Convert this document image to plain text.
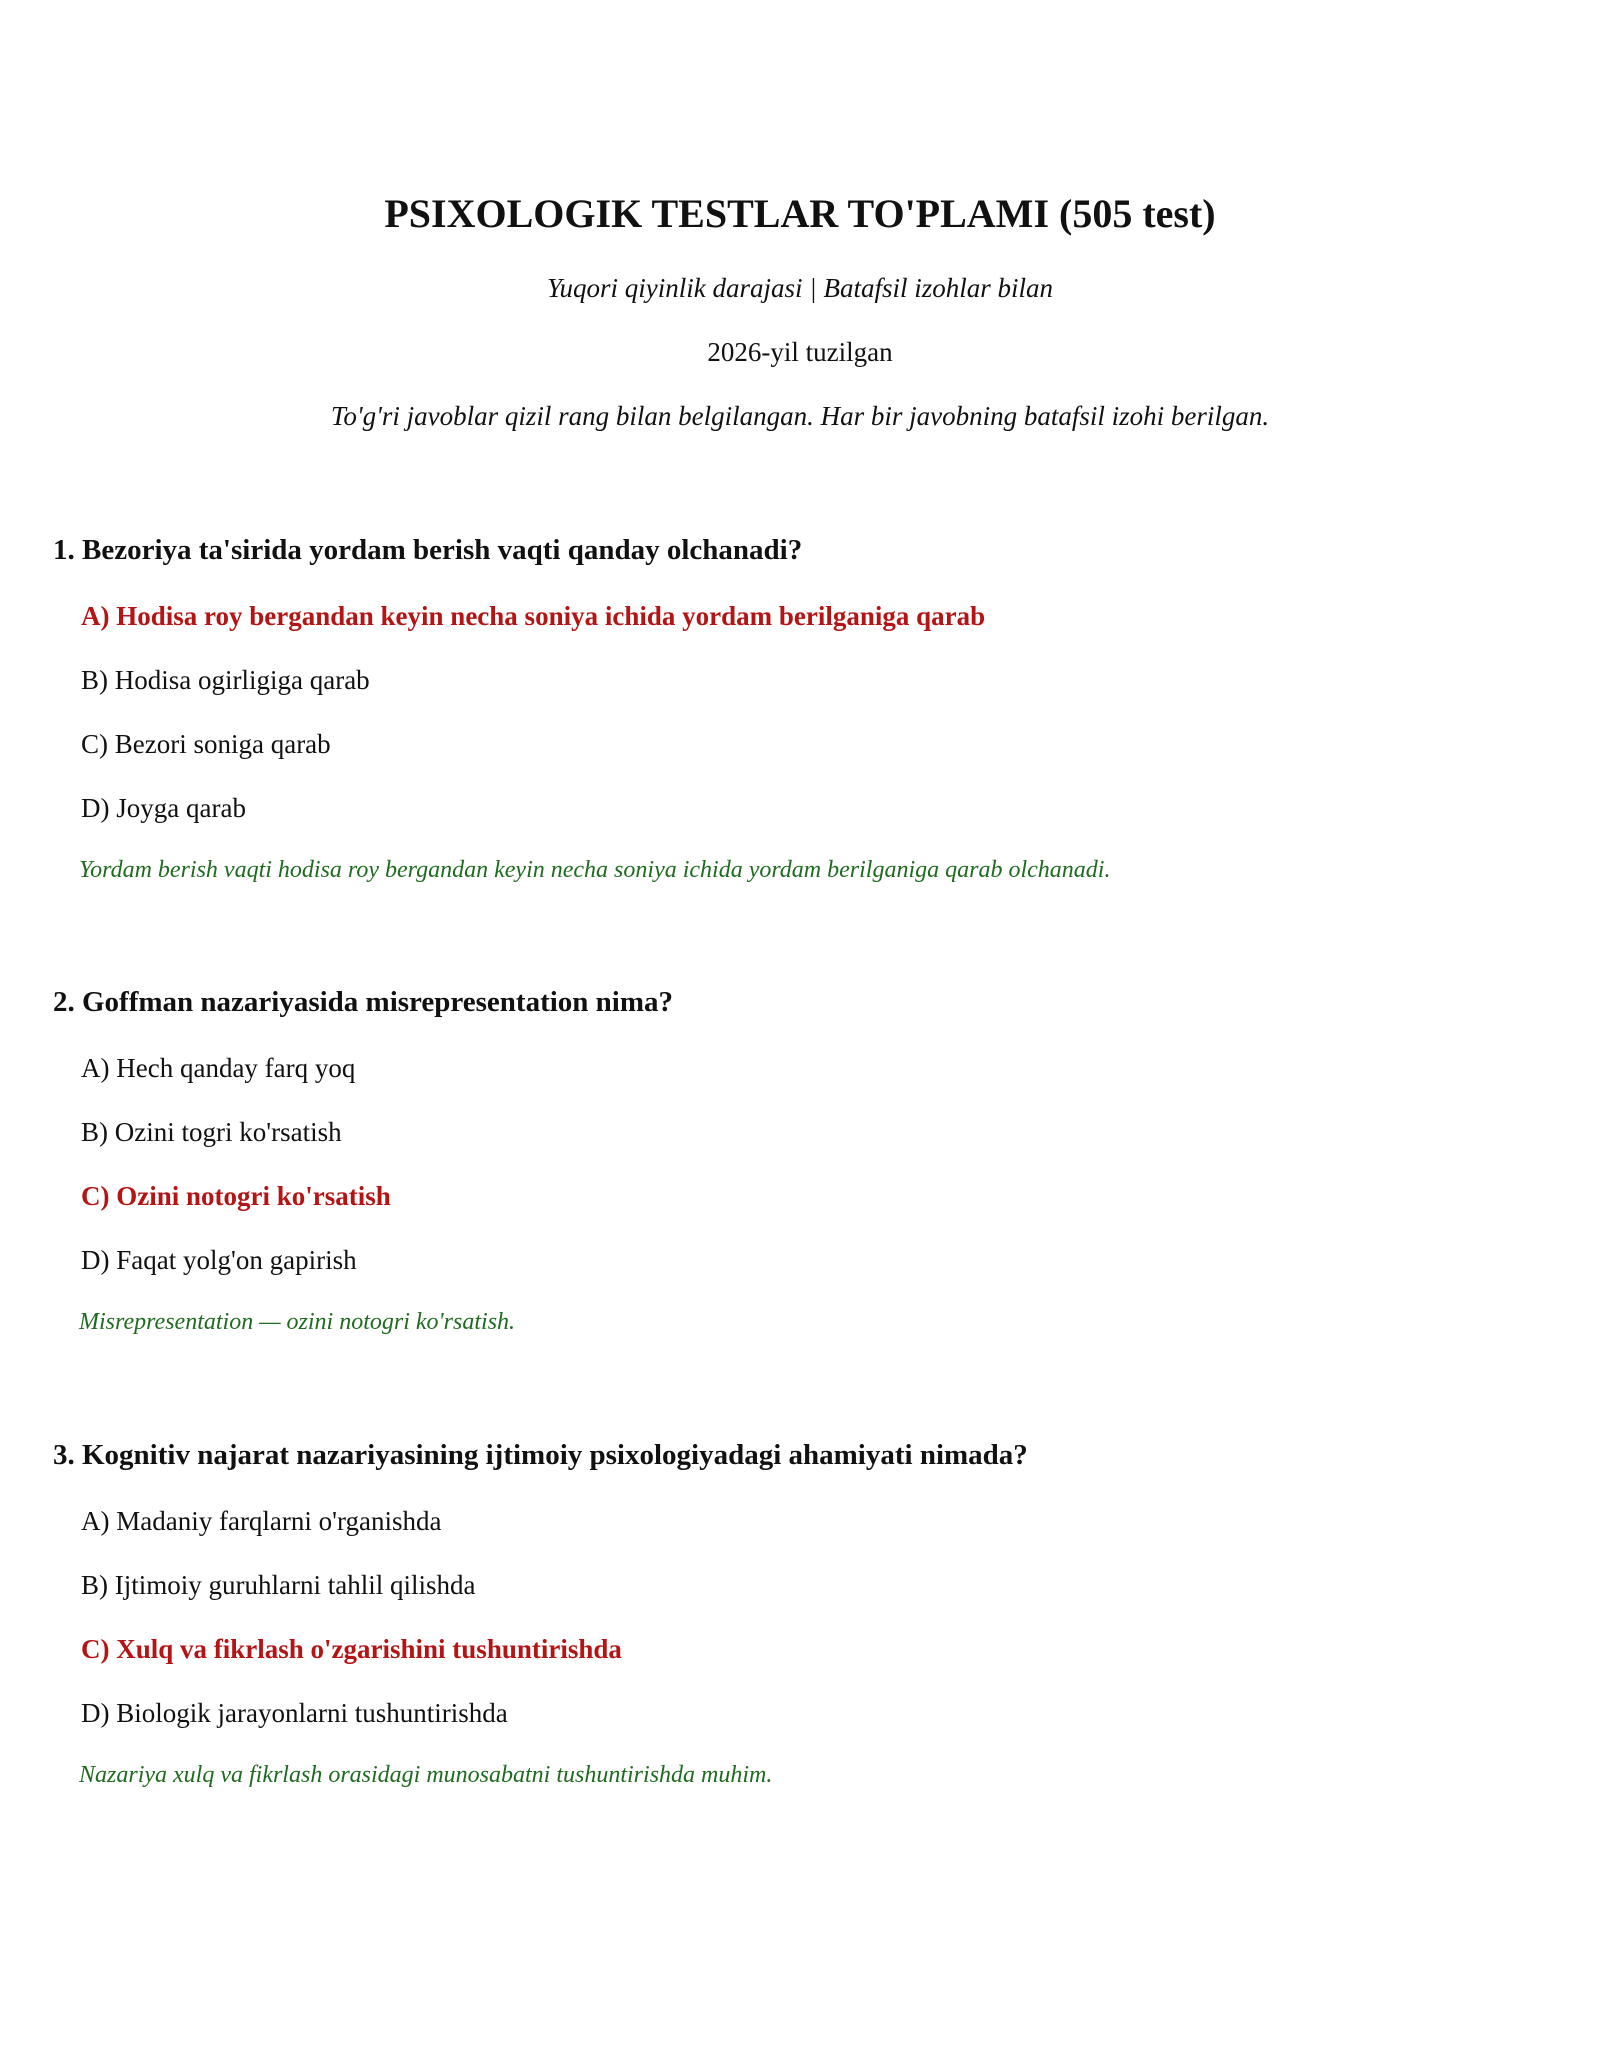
PSIXOLOGIK TESTLAR TO'PLAMI (505 test)
Yuqori qiyinlik darajasi | Batafsil izohlar bilan
2026-yil tuzilgan
To'g'ri javoblar qizil rang bilan belgilangan. Har bir javobning batafsil izohi berilgan.
1. Bezoriya ta'sirida yordam berish vaqti qanday olchanadi?
A) Hodisa roy bergandan keyin necha soniya ichida yordam berilganiga qarab
B) Hodisa ogirligiga qarab
C) Bezori soniga qarab
D) Joyga qarab
Yordam berish vaqti hodisa roy bergandan keyin necha soniya ichida yordam berilganiga qarab olchanadi.
2. Goffman nazariyasida misrepresentation nima?
A) Hech qanday farq yoq
B) Ozini togri ko'rsatish
C) Ozini notogri ko'rsatish
D) Faqat yolg'on gapirish
Misrepresentation — ozini notogri ko'rsatish.
3. Kognitiv najarat nazariyasining ijtimoiy psixologiyadagi ahamiyati nimada?
A) Madaniy farqlarni o'rganishda
B) Ijtimoiy guruhlarni tahlil qilishda
C) Xulq va fikrlash o'zgarishini tushuntirishda
D) Biologik jarayonlarni tushuntirishda
Nazariya xulq va fikrlash orasidagi munosabatni tushuntirishda muhim.
